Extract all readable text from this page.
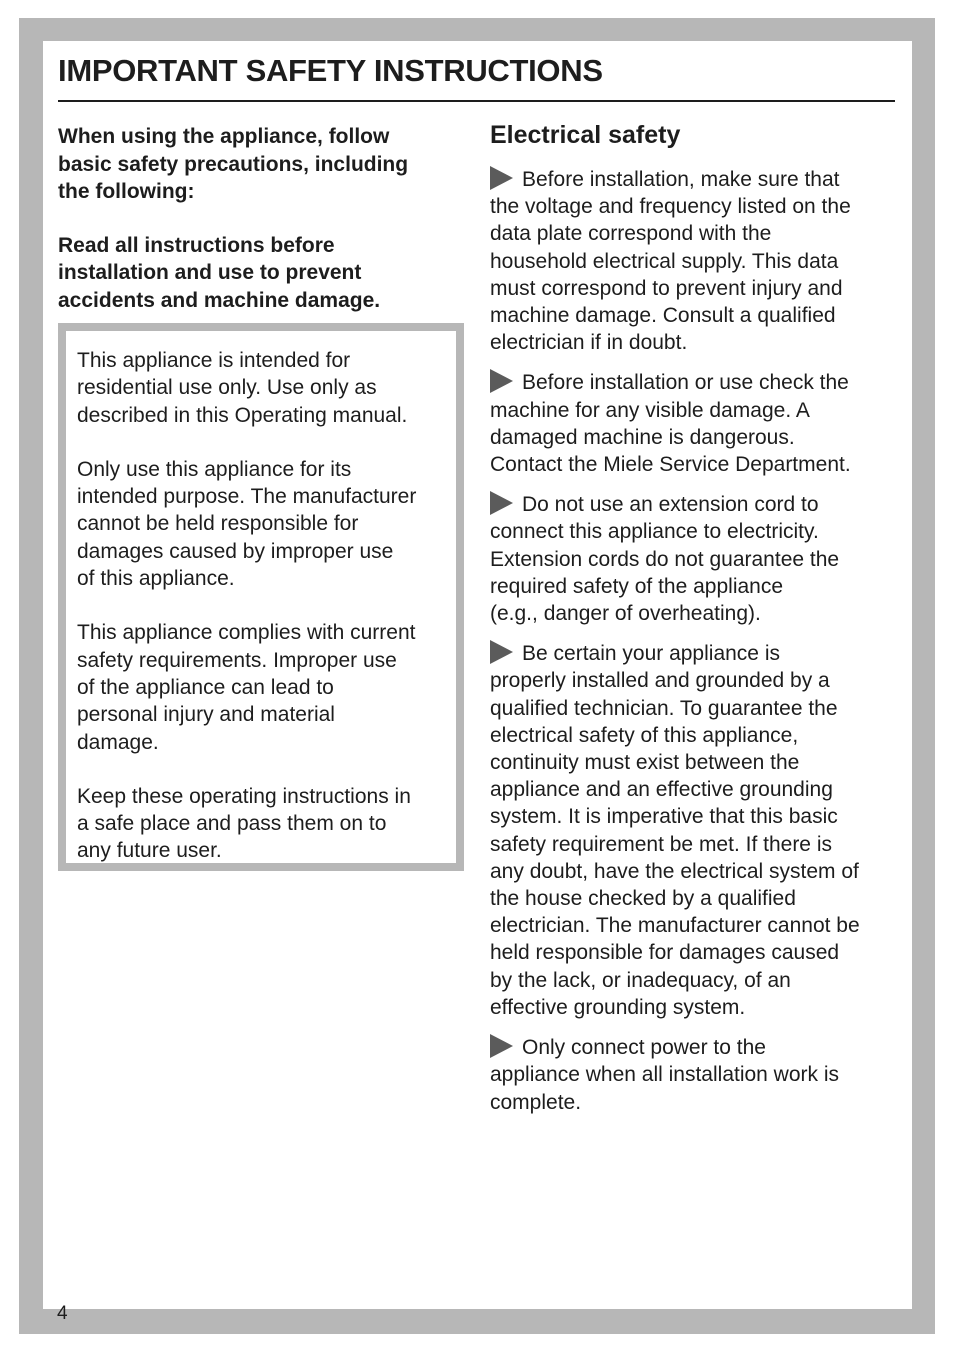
IMPORTANT SAFETY INSTRUCTIONS

When using the appliance, follow
basic safety precautions, including
the following:

Read all instructions before
installation and use to prevent
accidents and machine damage.

This appliance is intended for
residential use only. Use only as
described in this Operating manual.

Only use this appliance for its
intended purpose. The manufacturer
cannot be held responsible for
damages caused by improper use
of this appliance.

This appliance complies with current
safety requirements. Improper use
of the appliance can lead to
personal injury and material
damage.

Keep these operating instructions in
a safe place and pass them on to
any future user.

Electrical safety

Before installation, make sure that
the voltage and frequency listed on the
data plate correspond with the
household electrical supply. This data
must correspond to prevent injury and
machine damage. Consult a qualified
electrician if in doubt.

Before installation or use check the
machine for any visible damage. A
damaged machine is dangerous.
Contact the Miele Service Department.

Do not use an extension cord to
connect this appliance to electricity.
Extension cords do not guarantee the
required safety of the appliance
(e.g., danger of overheating).

Be certain your appliance is
properly installed and grounded by a
qualified technician. To guarantee the
electrical safety of this appliance,
continuity must exist between the
appliance and an effective grounding
system. It is imperative that this basic
safety requirement be met. If there is
any doubt, have the electrical system of
the house checked by a qualified
electrician. The manufacturer cannot be
held responsible for damages caused
by the lack, or inadequacy, of an
effective grounding system.

Only connect power to the
appliance when all installation work is
complete.

4
